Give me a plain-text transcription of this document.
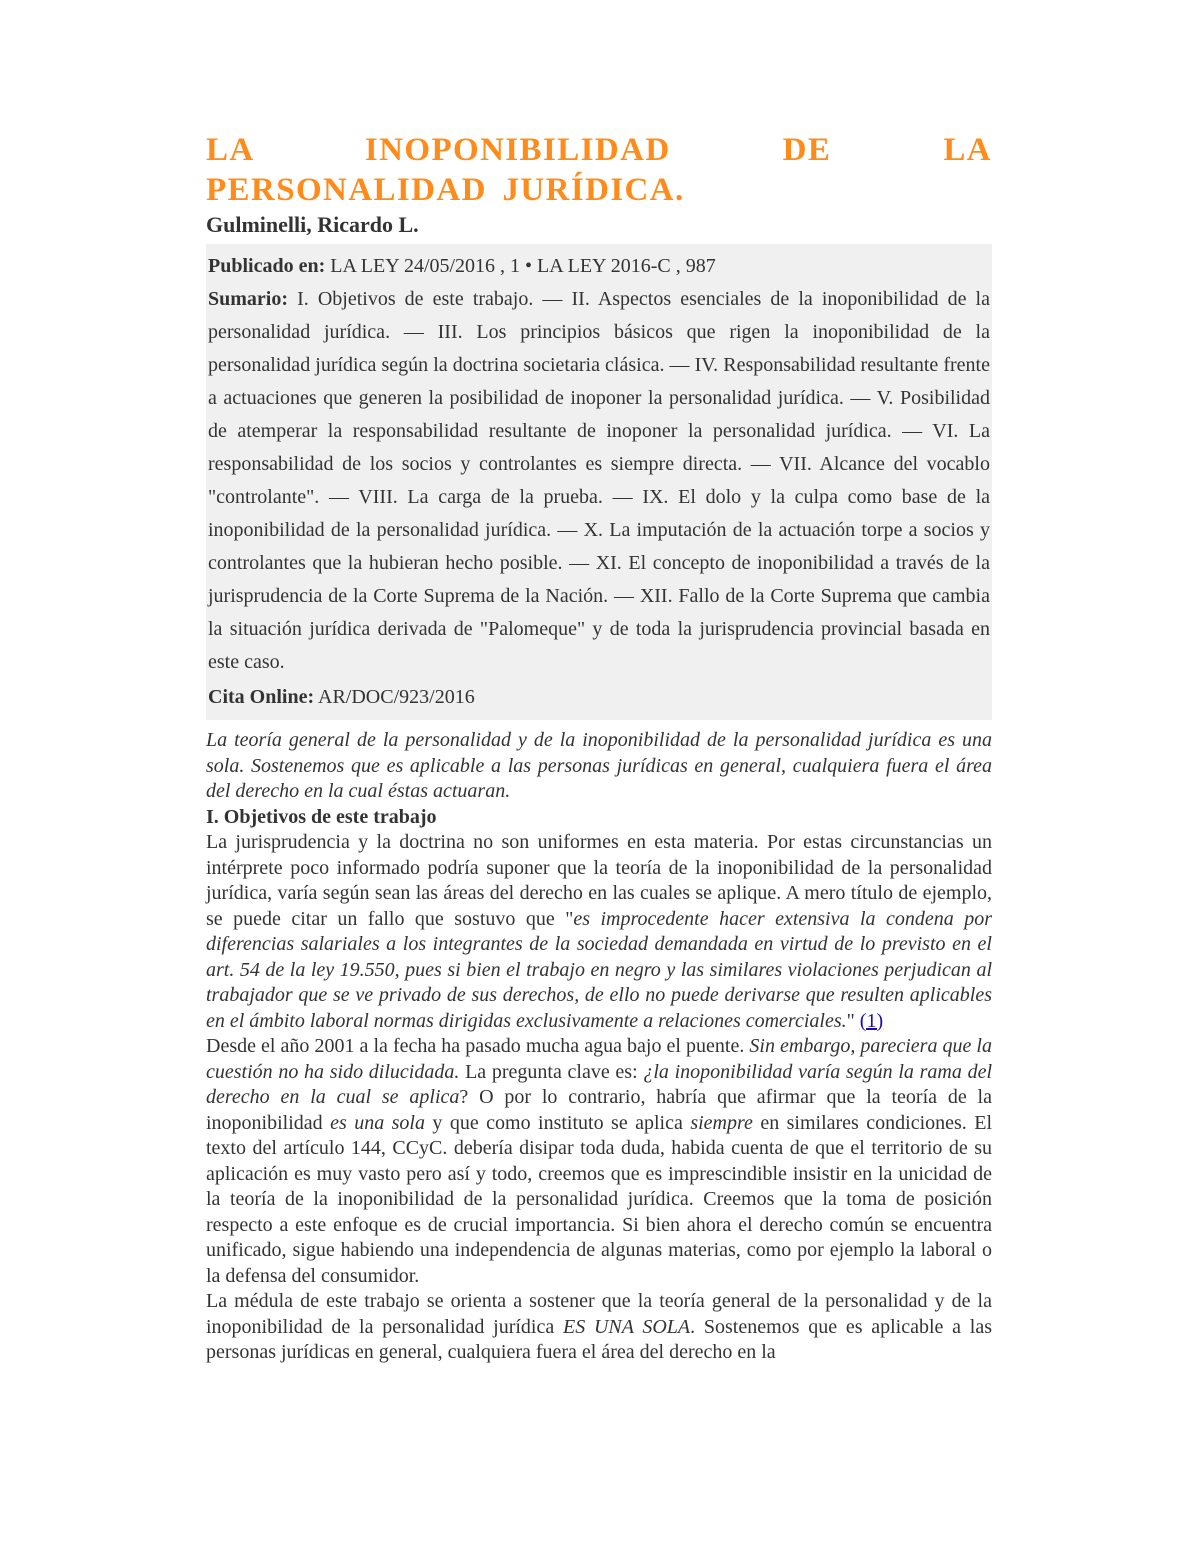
LA INOPONIBILIDAD DE LA PERSONALIDAD JURÍDICA.

Gulminelli, Ricardo L.

Publicado en: LA LEY 24/05/2016 , 1 • LA LEY 2016-C , 987

Sumario: I. Objetivos de este trabajo. — II. Aspectos esenciales de la inoponibilidad de la personalidad jurídica. — III. Los principios básicos que rigen la inoponibilidad de la personalidad jurídica según la doctrina societaria clásica. — IV. Responsabilidad resultante frente a actuaciones que generen la posibilidad de inoponer la personalidad jurídica. — V. Posibilidad de atemperar la responsabilidad resultante de inoponer la personalidad jurídica. — VI. La responsabilidad de los socios y controlantes es siempre directa. — VII. Alcance del vocablo "controlante". — VIII. La carga de la prueba. — IX. El dolo y la culpa como base de la inoponibilidad de la personalidad jurídica. — X. La imputación de la actuación torpe a socios y controlantes que la hubieran hecho posible. — XI. El concepto de inoponibilidad a través de la jurisprudencia de la Corte Suprema de la Nación. — XII. Fallo de la Corte Suprema que cambia la situación jurídica derivada de "Palomeque" y de toda la jurisprudencia provincial basada en este caso.

Cita Online: AR/DOC/923/2016

La teoría general de la personalidad y de la inoponibilidad de la personalidad jurídica es una sola. Sostenemos que es aplicable a las personas jurídicas en general, cualquiera fuera el área del derecho en la cual éstas actuaran.

I. Objetivos de este trabajo

La jurisprudencia y la doctrina no son uniformes en esta materia. Por estas circunstancias un intérprete poco informado podría suponer que la teoría de la inoponibilidad de la personalidad jurídica, varía según sean las áreas del derecho en las cuales se aplique. A mero título de ejemplo, se puede citar un fallo que sostuvo que "es improcedente hacer extensiva la condena por diferencias salariales a los integrantes de la sociedad demandada en virtud de lo previsto en el art. 54 de la ley 19.550, pues si bien el trabajo en negro y las similares violaciones perjudican al trabajador que se ve privado de sus derechos, de ello no puede derivarse que resulten aplicables en el ámbito laboral normas dirigidas exclusivamente a relaciones comerciales." (1)

Desde el año 2001 a la fecha ha pasado mucha agua bajo el puente. Sin embargo, pareciera que la cuestión no ha sido dilucidada. La pregunta clave es: ¿la inoponibilidad varía según la rama del derecho en la cual se aplica? O por lo contrario, habría que afirmar que la teoría de la inoponibilidad es una sola y que como instituto se aplica siempre en similares condiciones. El texto del artículo 144, CCyC. debería disipar toda duda, habida cuenta de que el territorio de su aplicación es muy vasto pero así y todo, creemos que es imprescindible insistir en la unicidad de la teoría de la inoponibilidad de la personalidad jurídica. Creemos que la toma de posición respecto a este enfoque es de crucial importancia. Si bien ahora el derecho común se encuentra unificado, sigue habiendo una independencia de algunas materias, como por ejemplo la laboral o la defensa del consumidor.

La médula de este trabajo se orienta a sostener que la teoría general de la personalidad y de la inoponibilidad de la personalidad jurídica ES UNA SOLA. Sostenemos que es aplicable a las personas jurídicas en general, cualquiera fuera el área del derecho en la
